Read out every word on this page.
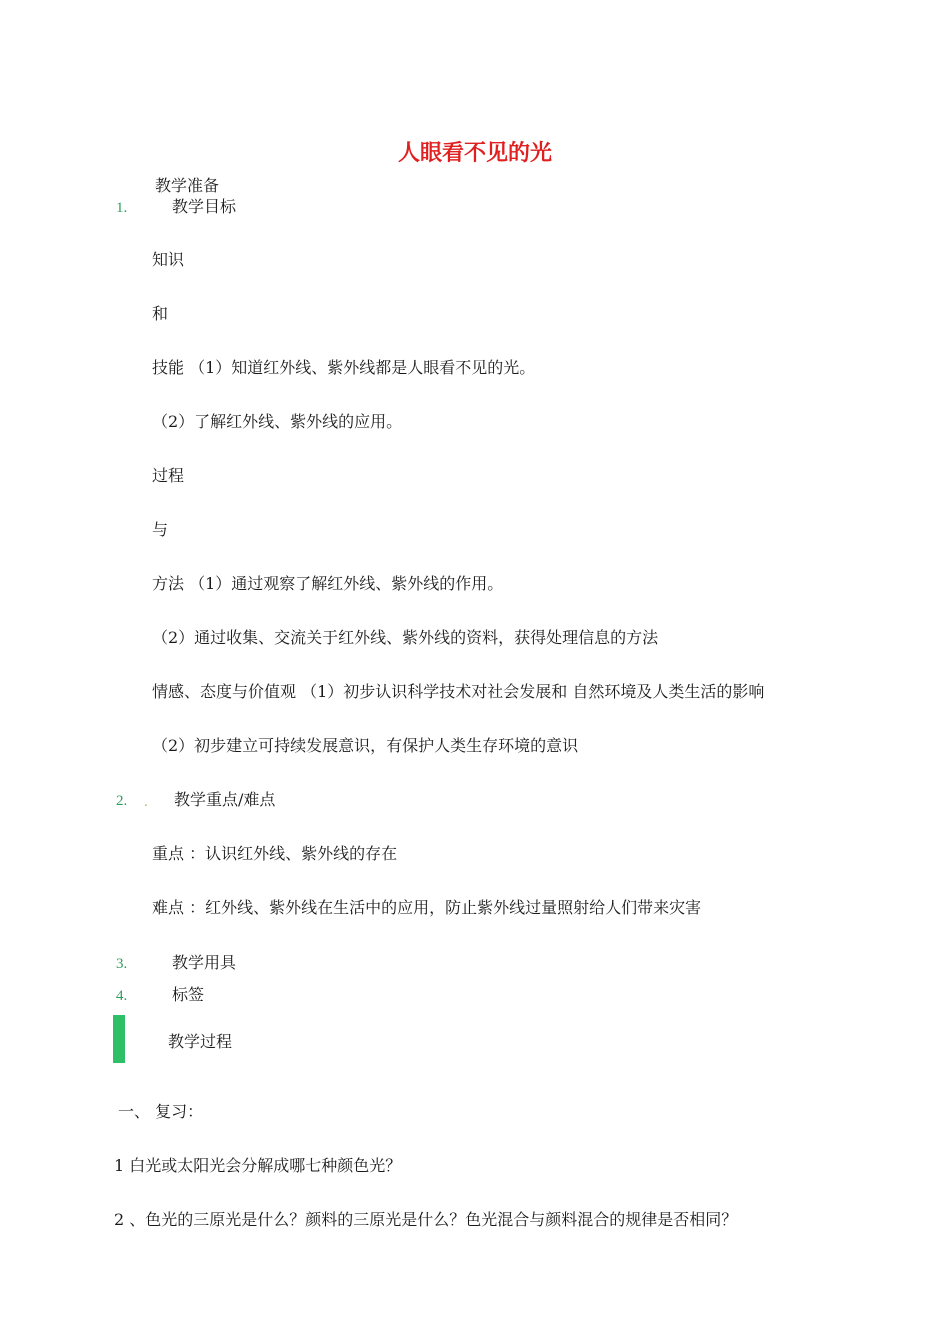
人眼看不见的光
教学准备
1.	教学目标
知识
和
技能 （1）知道红外线、紫外线都是人眼看不见的光。
（2）了解红外线、紫外线的应用。
过程
与
方法 （1）通过观察了解红外线、紫外线的作用。
（2）通过收集、交流关于红外线、紫外线的资料，获得处理信息的方法
情感、态度与价值观 （1）初步认识科学技术对社会发展和 自然环境及人类生活的影响
（2）初步建立可持续发展意识，有保护人类生存环境的意识
2. . 教学重点/难点
重点 ：认识红外线、紫外线的存在
难点 ：红外线、紫外线在生活中的应用，防止紫外线过量照射给人们带来灾害
3.	教学用具
4.	标签
教学过程
一、 复习：
1 白光或太阳光会分解成哪七种颜色光？
2 、色光的三原光是什么？颜料的三原光是什么？色光混合与颜料混合的规律是否相同？
